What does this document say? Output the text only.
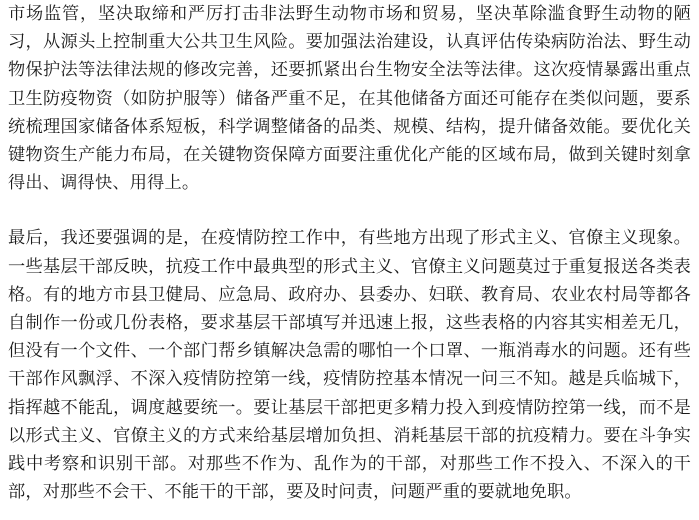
市场监管，坚决取缔和严厉打击非法野生动物市场和贸易，坚决革除滥食野生动物的陋习，从源头上控制重大公共卫生风险。要加强法治建设，认真评估传染病防治法、野生动物保护法等法律法规的修改完善，还要抓紧出台生物安全法等法律。这次疫情暴露出重点卫生防疫物资（如防护服等）储备严重不足，在其他储备方面还可能存在类似问题，要系统梳理国家储备体系短板，科学调整储备的品类、规模、结构，提升储备效能。要优化关键物资生产能力布局，在关键物资保障方面要注重优化产能的区域布局，做到关键时刻拿得出、调得快、用得上。

最后，我还要强调的是，在疫情防控工作中，有些地方出现了形式主义、官僚主义现象。一些基层干部反映，抗疫工作中最典型的形式主义、官僚主义问题莫过于重复报送各类表格。有的地方市县卫健局、应急局、政府办、县委办、妇联、教育局、农业农村局等都各自制作一份或几份表格，要求基层干部填写并迅速上报，这些表格的内容其实相差无几，但没有一个文件、一个部门帮乡镇解决急需的哪怕一个口罩、一瓶消毒水的问题。还有些干部作风飘浮、不深入疫情防控第一线，疫情防控基本情况一问三不知。越是兵临城下，指挥越不能乱，调度越要统一。要让基层干部把更多精力投入到疫情防控第一线，而不是以形式主义、官僚主义的方式来给基层增加负担、消耗基层干部的抗疫精力。要在斗争实践中考察和识别干部。对那些不作为、乱作为的干部，对那些工作不投入、不深入的干部，对那些不会干、不能干的干部，要及时问责，问题严重的要就地免职。
